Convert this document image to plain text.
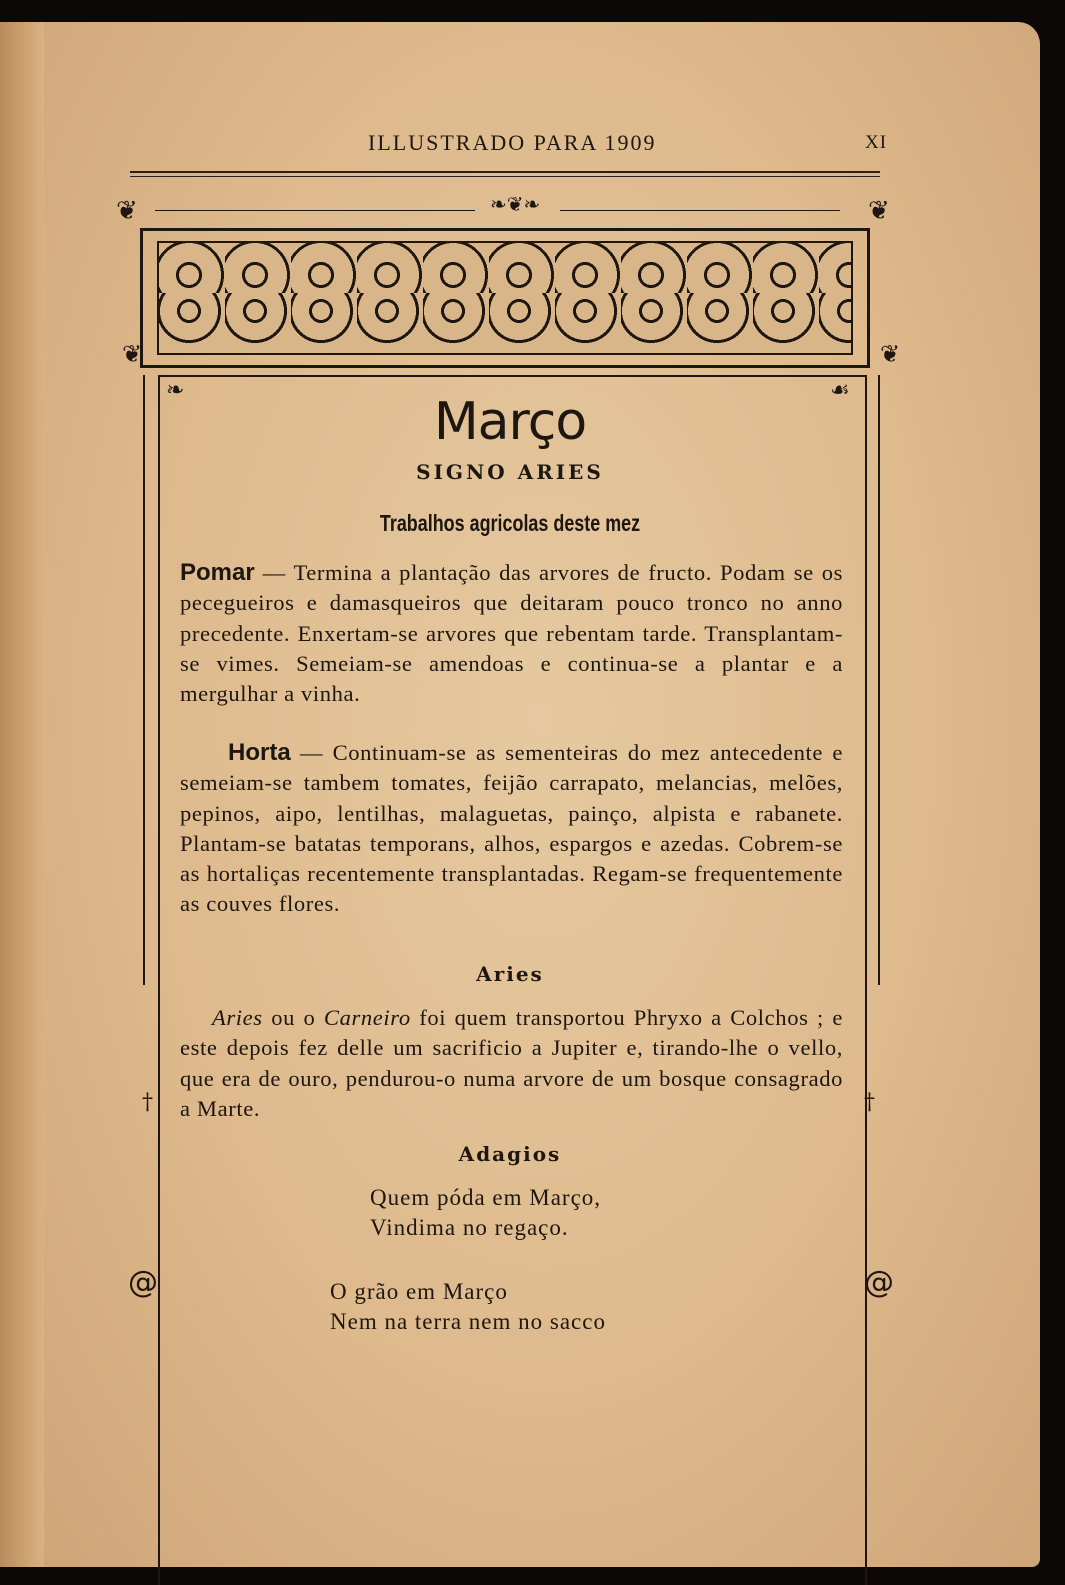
ILLUSTRADO PARA 1909	XI
❦	❦
❧❦❧
❦	❦
❧	☙
@	@
†	†
Março
SIGNO ARIES
Trabalhos agricolas deste mez
Pomar — Termina a plantação das arvores de fructo. Podam se os pecegueiros e damasqueiros que deitaram pouco tronco no anno precedente. Enxertam-se arvores que rebentam tarde. Transplantam-se vimes. Semeiam-se amendoas e continua-se a plantar e a mergulhar a vinha.
Horta — Continuam-se as sementeiras do mez antecedente e semeiam-se tambem tomates, feijão carrapato, melancias, melões, pepinos, aipo, lentilhas, malaguetas, painço, alpista e rabanete. Plantam-se batatas temporans, alhos, espargos e azedas. Cobrem-se as hortaliças recentemente transplantadas. Regam-se frequentemente as couves flores.
Aries
Aries ou o Carneiro foi quem transportou Phryxo a Colchos ; e este depois fez delle um sacrificio a Jupiter e, tirando-lhe o vello, que era de ouro, pendurou-o numa arvore de um bosque consagrado a Marte.
Adagios
Quem póda em Março,
Vindima no regaço.
O grão em Março
Nem na terra nem no sacco
